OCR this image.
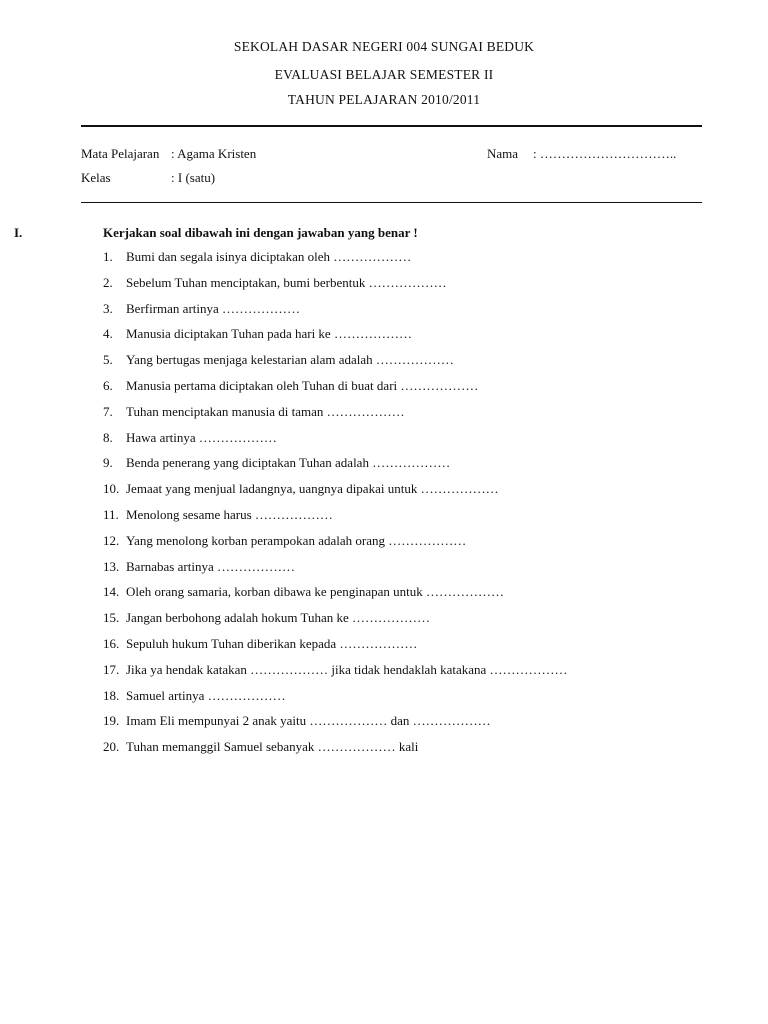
SEKOLAH DASAR NEGERI 004 SUNGAI BEDUK
EVALUASI BELAJAR SEMESTER II
TAHUN PELAJARAN 2010/2011
Mata Pelajaran : Agama Kristen
Kelas	: I (satu)
Nama : …………………………..
I.	Kerjakan soal dibawah ini dengan jawaban yang benar !
1. Bumi dan segala isinya diciptakan oleh ………………
2. Sebelum Tuhan menciptakan, bumi berbentuk ………………
3. Berfirman artinya ………………
4. Manusia diciptakan Tuhan pada hari ke ………………
5. Yang bertugas menjaga kelestarian alam adalah ………………
6. Manusia pertama diciptakan oleh Tuhan di buat dari ………………
7. Tuhan menciptakan manusia di taman ………………
8. Hawa artinya ………………
9. Benda penerang yang diciptakan Tuhan adalah ………………
10. Jemaat yang menjual ladangnya, uangnya dipakai untuk ………………
11. Menolong sesame harus ………………
12. Yang menolong korban perampokan adalah orang ………………
13. Barnabas artinya ………………
14. Oleh orang samaria, korban dibawa ke penginapan untuk ………………
15. Jangan berbohong adalah hokum Tuhan ke ………………
16. Sepuluh hukum Tuhan diberikan kepada ………………
17. Jika ya hendak katakan ……………… jika tidak hendaklah katakana ………………
18. Samuel artinya ………………
19. Imam Eli mempunyai 2 anak yaitu ……………… dan ………………
20. Tuhan memanggil Samuel sebanyak ……………… kali
